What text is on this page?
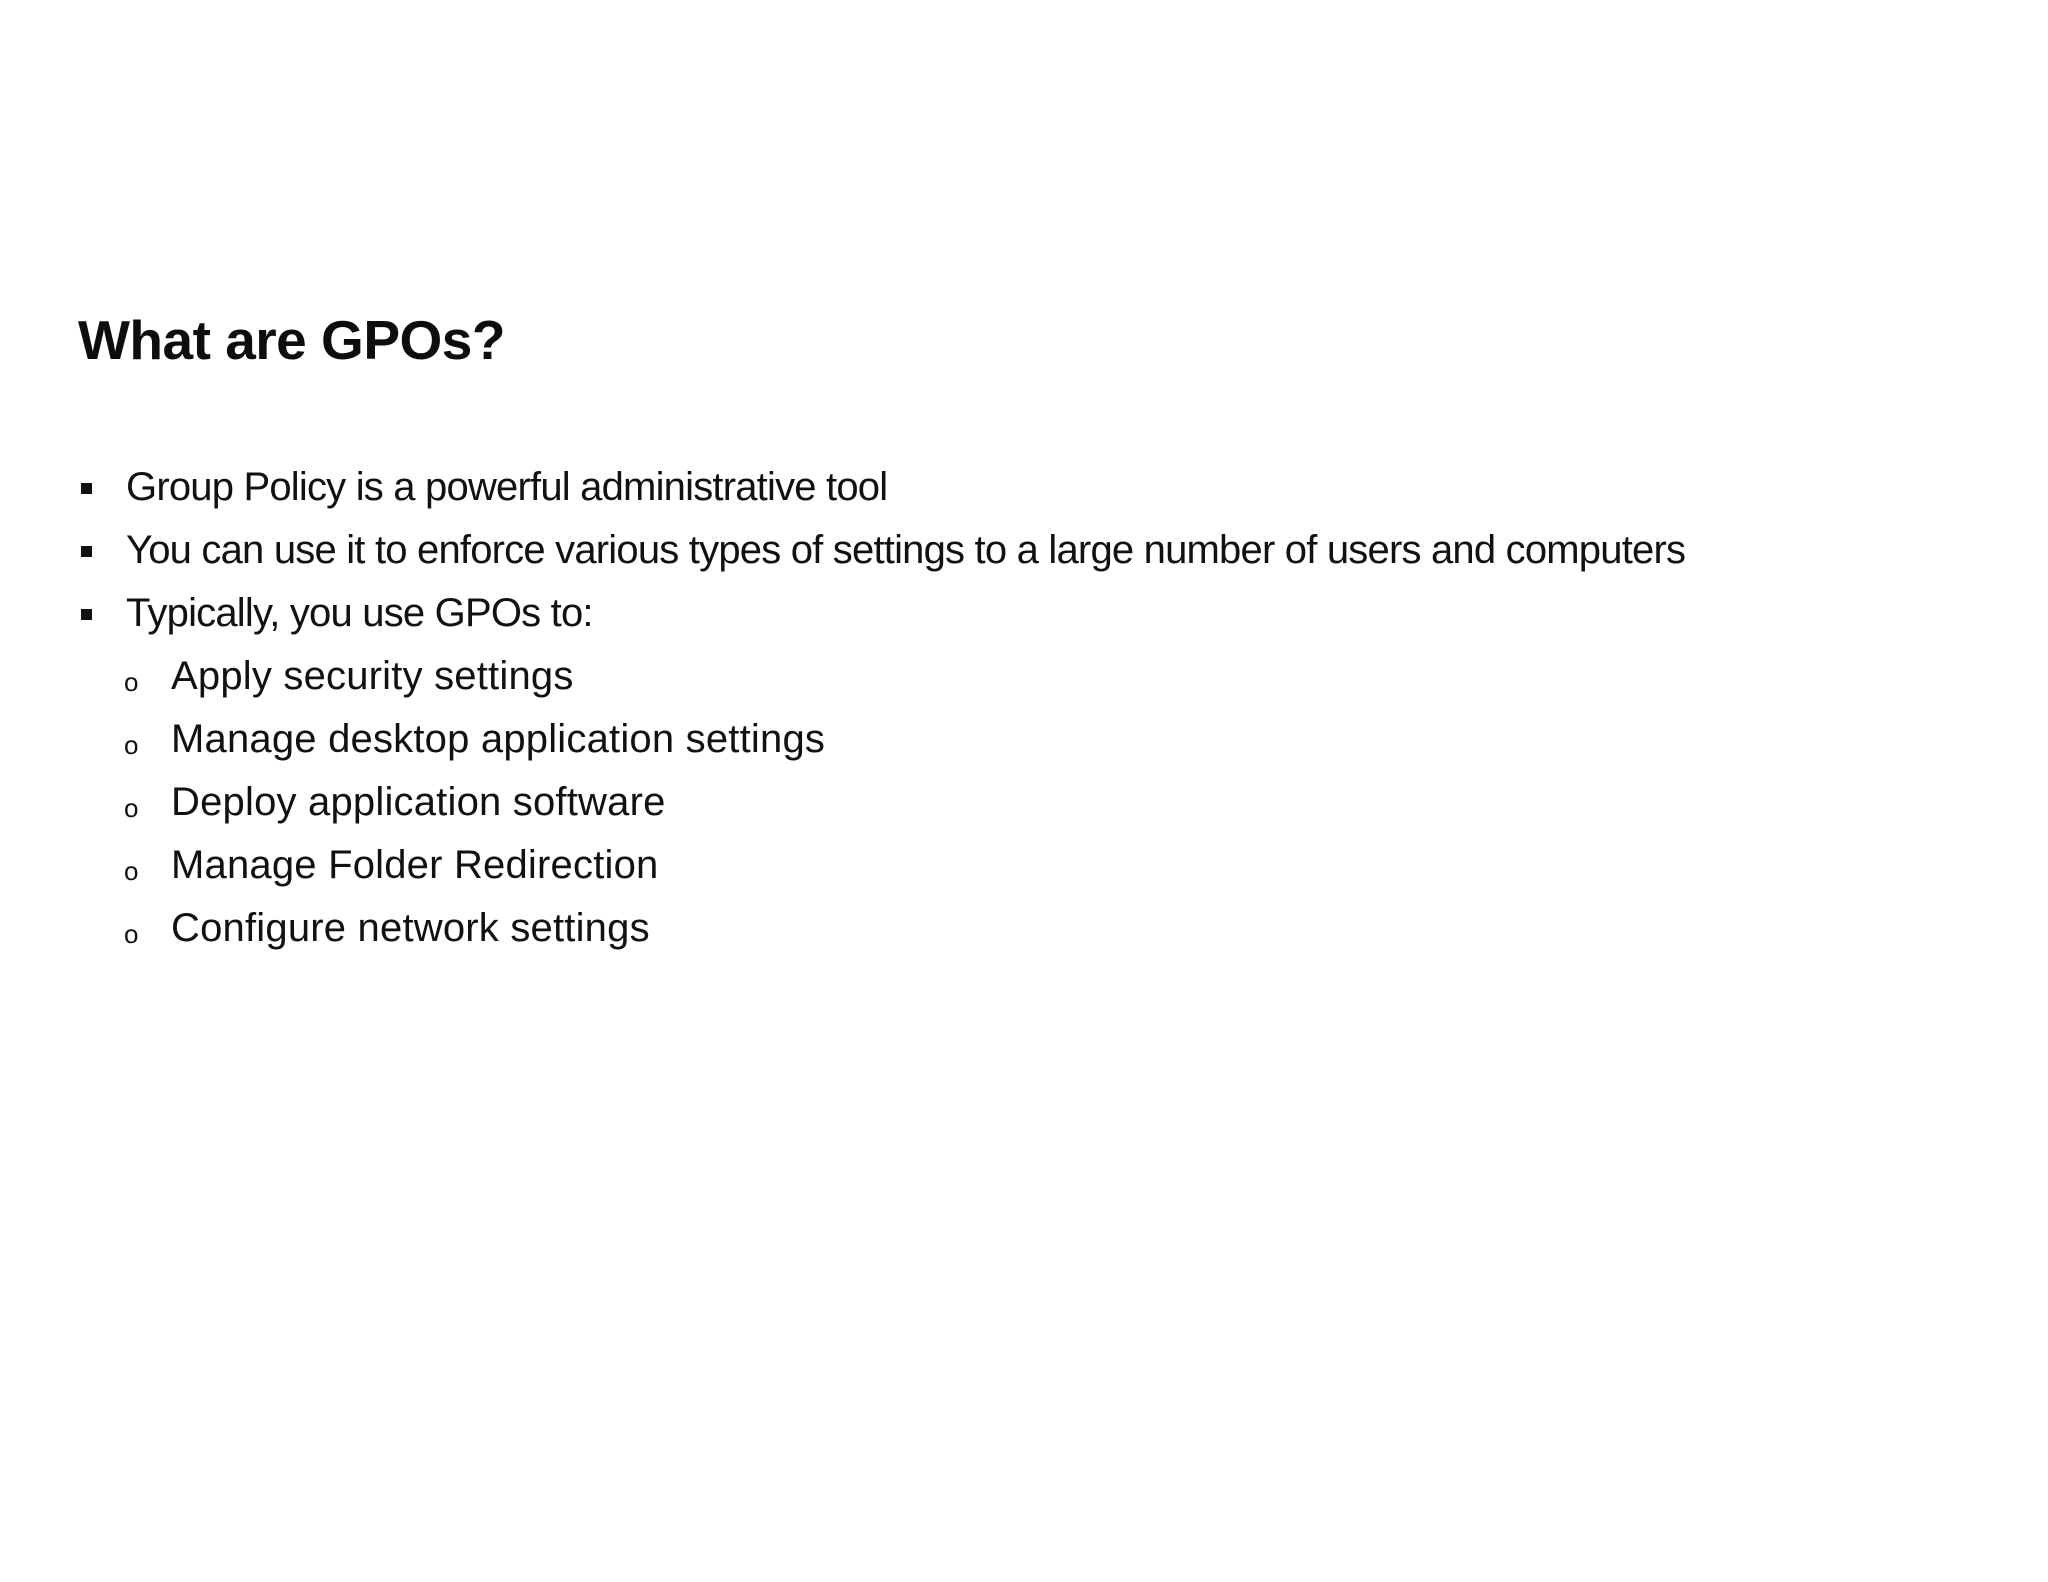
What are GPOs?
Group Policy is a powerful administrative tool
You can use it to enforce various types of settings to a large number of users and computers
Typically, you use GPOs to:
o Apply security settings
o Manage desktop application settings
o Deploy application software
o Manage Folder Redirection
o Configure network settings
